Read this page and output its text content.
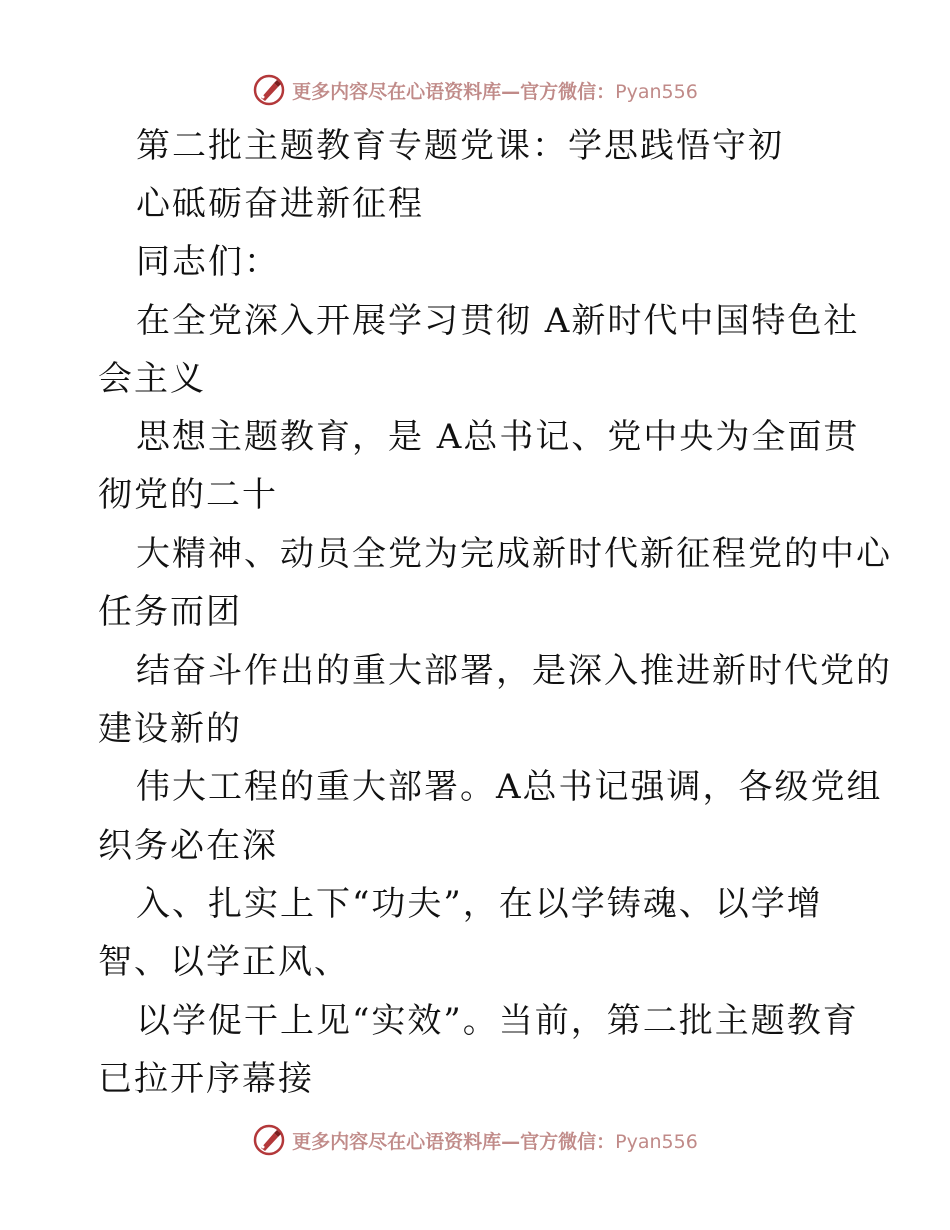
更多内容尽在心语资料库—官方微信：Pyan556
第二批主题教育专题党课：学思践悟守初
心砥砺奋进新征程
同志们：
在全党深入开展学习贯彻 A新时代中国特色社
会主义
思想主题教育，是 A总书记、党中央为全面贯
彻党的二十
大精神、动员全党为完成新时代新征程党的中心
任务而团
结奋斗作出的重大部署，是深入推进新时代党的
建设新的
伟大工程的重大部署。A总书记强调，各级党组
织务必在深
入、扎实上下“功夫”，在以学铸魂、以学增
智、以学正风、
以学促干上见“实效”。当前，第二批主题教育
已拉开序幕接
更多内容尽在心语资料库—官方微信：Pyan556
